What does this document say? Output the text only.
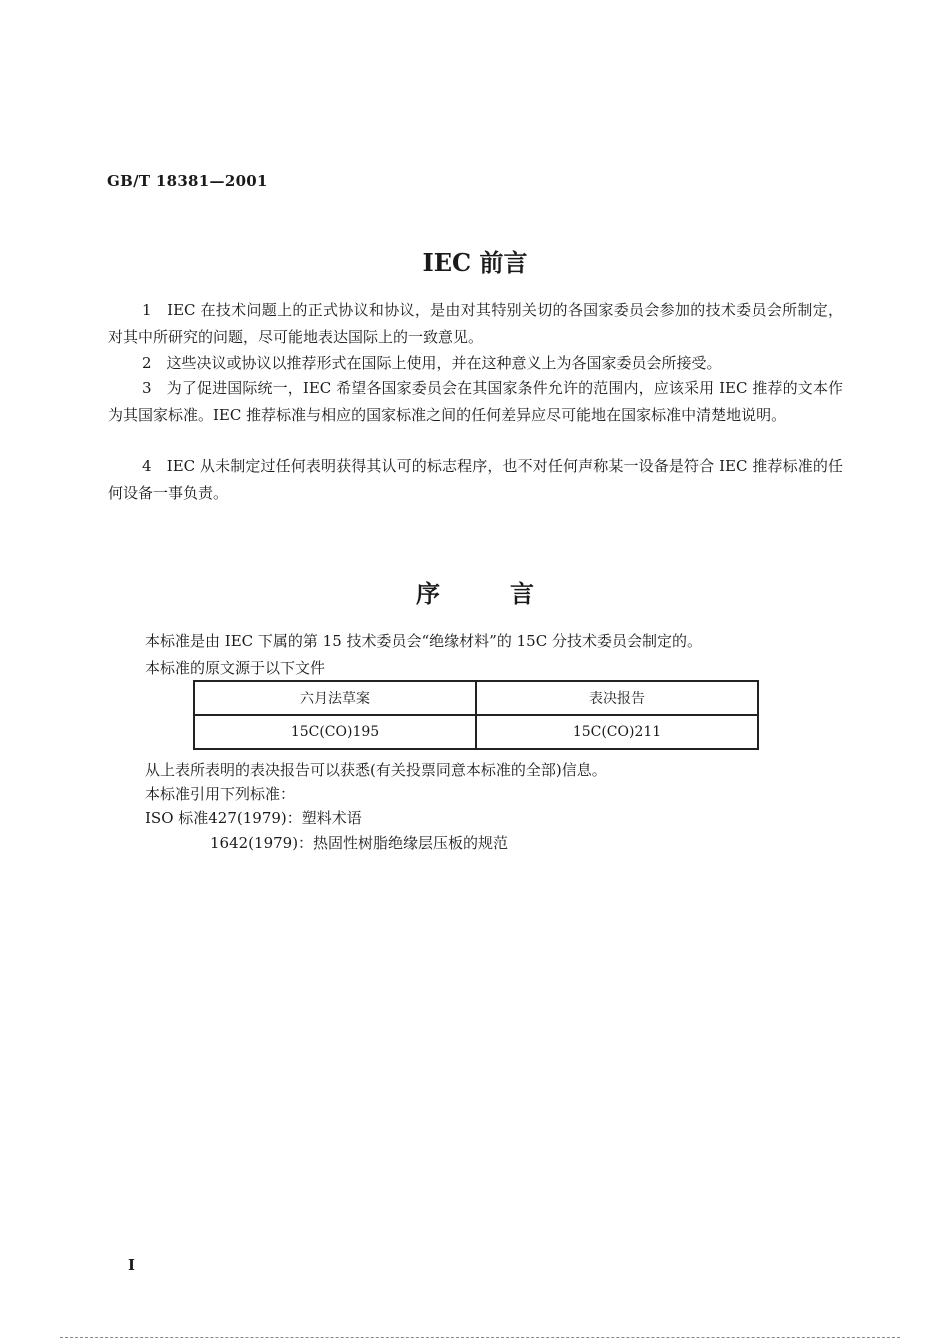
GB/T 18381—2001
IEC 前言
1　IEC 在技术问题上的正式协议和协议，是由对其特别关切的各国家委员会参加的技术委员会所制定，对其中所研究的问题，尽可能地表达国际上的一致意见。
2　这些决议或协议以推荐形式在国际上使用，并在这种意义上为各国家委员会所接受。
3　为了促进国际统一，IEC 希望各国家委员会在其国家条件允许的范围内，应该采用 IEC 推荐的文本作为其国家标准。IEC 推荐标准与相应的国家标准之间的任何差异应尽可能地在国家标准中清楚地说明。
4　IEC 从未制定过任何表明获得其认可的标志程序，也不对任何声称某一设备是符合 IEC 推荐标准的任何设备一事负责。
序言
本标准是由 IEC 下属的第 15 技术委员会“绝缘材料”的 15C 分技术委员会制定的。
本标准的原文源于以下文件
六月法草案	表决报告
15C(CO)195	15C(CO)211
从上表所表明的表决报告可以获悉(有关投票同意本标准的全部)信息。
本标准引用下列标准：
ISO 标准427(1979)：塑料术语
1642(1979)：热固性树脂绝缘层压板的规范
I
